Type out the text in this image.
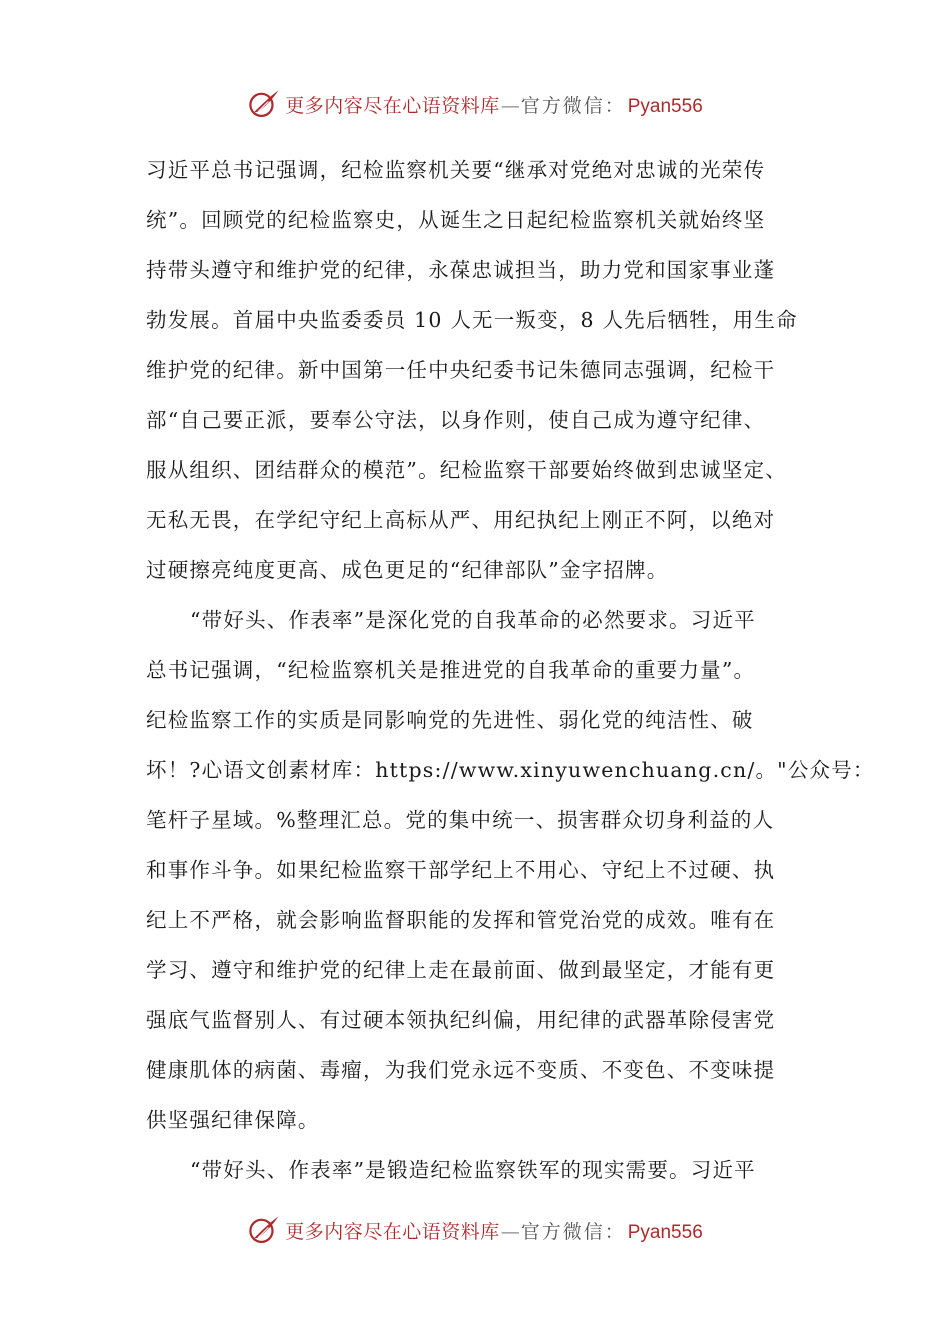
更多内容尽在心语资料库 — 官方微信： Pyan556
习近平总书记强调，纪检监察机关要“继承对党绝对忠诚的光荣传
统”。回顾党的纪检监察史，从诞生之日起纪检监察机关就始终坚
持带头遵守和维护党的纪律，永葆忠诚担当，助力党和国家事业蓬
勃发展。首届中央监委委员 10 人无一叛变，8 人先后牺牲，用生命
维护党的纪律。新中国第一任中央纪委书记朱德同志强调，纪检干
部“自己要正派，要奉公守法，以身作则，使自己成为遵守纪律、
服从组织、团结群众的模范”。纪检监察干部要始终做到忠诚坚定、
无私无畏，在学纪守纪上高标从严、用纪执纪上刚正不阿，以绝对
过硬擦亮纯度更高、成色更足的“纪律部队”金字招牌。
“带好头、作表率”是深化党的自我革命的必然要求。习近平
总书记强调，“纪检监察机关是推进党的自我革命的重要力量”。
纪检监察工作的实质是同影响党的先进性、弱化党的纯洁性、破
坏！?心语文创素材库：https://www.xinyuwenchuang.cn/。"公众号：
笔杆子星域。%整理汇总。党的集中统一、损害群众切身利益的人
和事作斗争。如果纪检监察干部学纪上不用心、守纪上不过硬、执
纪上不严格，就会影响监督职能的发挥和管党治党的成效。唯有在
学习、遵守和维护党的纪律上走在最前面、做到最坚定，才能有更
强底气监督别人、有过硬本领执纪纠偏，用纪律的武器革除侵害党
健康肌体的病菌、毒瘤，为我们党永远不变质、不变色、不变味提
供坚强纪律保障。
“带好头、作表率”是锻造纪检监察铁军的现实需要。习近平
更多内容尽在心语资料库 — 官方微信： Pyan556
